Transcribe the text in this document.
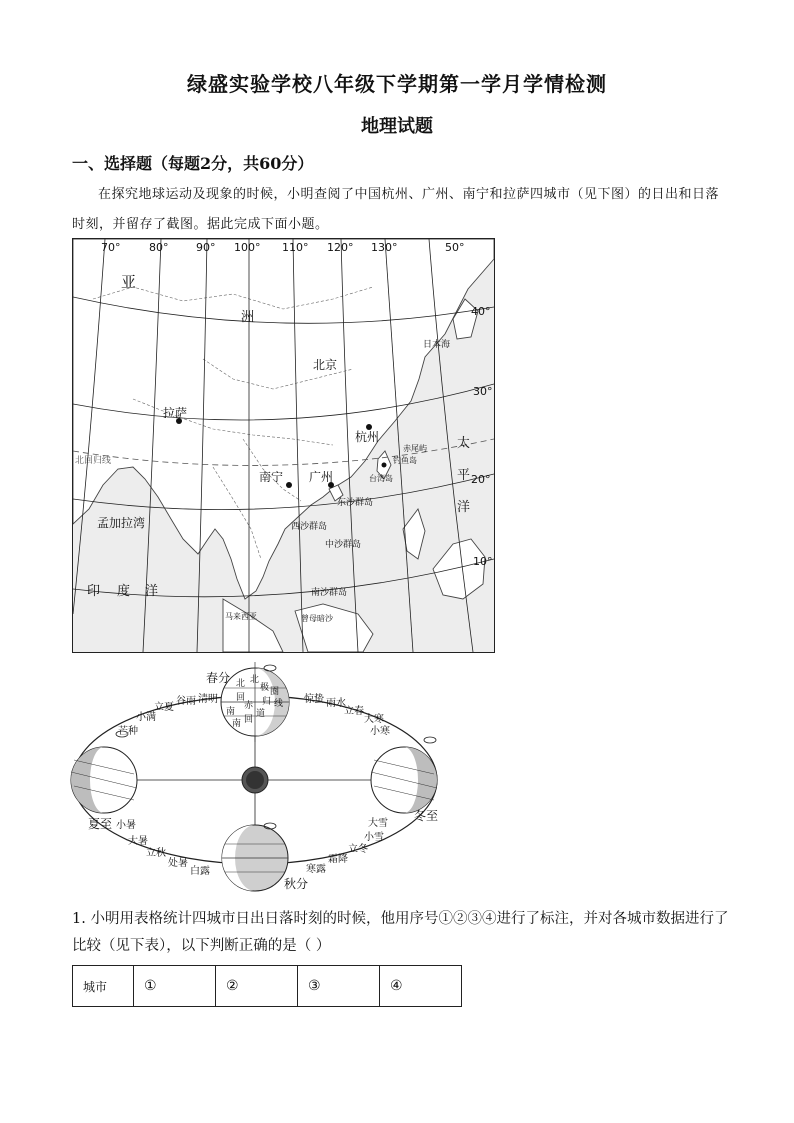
绿盛实验学校八年级下学期第一学月学情检测
地理试题
一、选择题（每题2分，共60分）
在探究地球运动及现象的时候，小明查阅了中国杭州、广州、南宁和拉萨四城市（见下图）的日出和日落时刻，并留存了截图。据此完成下面小题。
70°	80°	90° 100° 110° 120° 130°	50°
40°
30°
20°
10°
亚
洲
北京
拉萨
杭州
南宁 广州
日本海
太
平
洋
北回归线
孟加拉湾
印 度 洋
赤尾屿
钓鱼岛
台湾岛
东沙群岛
西沙群岛
中沙群岛
南沙群岛
马来西亚	曾母暗沙
北 北
极 圈
回 归 线
赤
道
南
南 回
春分
清明
谷雨
立夏
小满
芒种
夏至 小暑
大暑
立秋
处暑
白露
秋分
寒露
霜降
立冬
小雪
大雪
冬至
小寒
大寒
立春
雨水
惊蛰
1. 小明用表格统计四城市日出日落时刻的时候，他用序号①②③④进行了标注，并对各城市数据进行了比较（见下表），以下判断正确的是（ ）
城市	①	②	③	④
